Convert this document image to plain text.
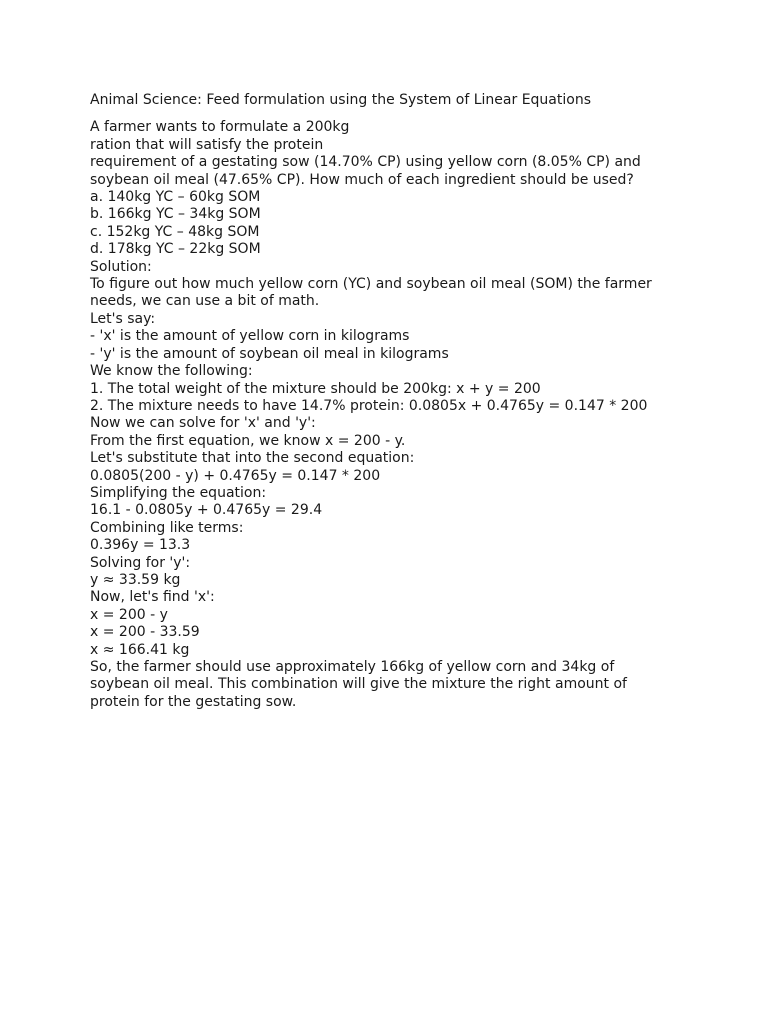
Animal Science: Feed formulation using the System of Linear Equations
A farmer wants to formulate a 200kg
ration that will satisfy the protein
requirement of a gestating sow (14.70% CP) using yellow corn (8.05% CP) and
soybean oil meal (47.65% CP). How much of each ingredient should be used?
a. 140kg YC – 60kg SOM
b. 166kg YC – 34kg SOM
c. 152kg YC – 48kg SOM
d. 178kg YC – 22kg SOM
Solution:
To figure out how much yellow corn (YC) and soybean oil meal (SOM) the farmer
needs, we can use a bit of math.
Let's say:
- 'x' is the amount of yellow corn in kilograms
- 'y' is the amount of soybean oil meal in kilograms
We know the following:
1. The total weight of the mixture should be 200kg: x + y = 200
2. The mixture needs to have 14.7% protein: 0.0805x + 0.4765y = 0.147 * 200
Now we can solve for 'x' and 'y':
From the first equation, we know x = 200 - y.
Let's substitute that into the second equation:
0.0805(200 - y) + 0.4765y = 0.147 * 200
Simplifying the equation:
16.1 - 0.0805y + 0.4765y = 29.4
Combining like terms:
0.396y = 13.3
Solving for 'y':
y ≈ 33.59 kg
Now, let's find 'x':
x = 200 - y
x = 200 - 33.59
x ≈ 166.41 kg
So, the farmer should use approximately 166kg of yellow corn and 34kg of
soybean oil meal. This combination will give the mixture the right amount of
protein for the gestating sow.
